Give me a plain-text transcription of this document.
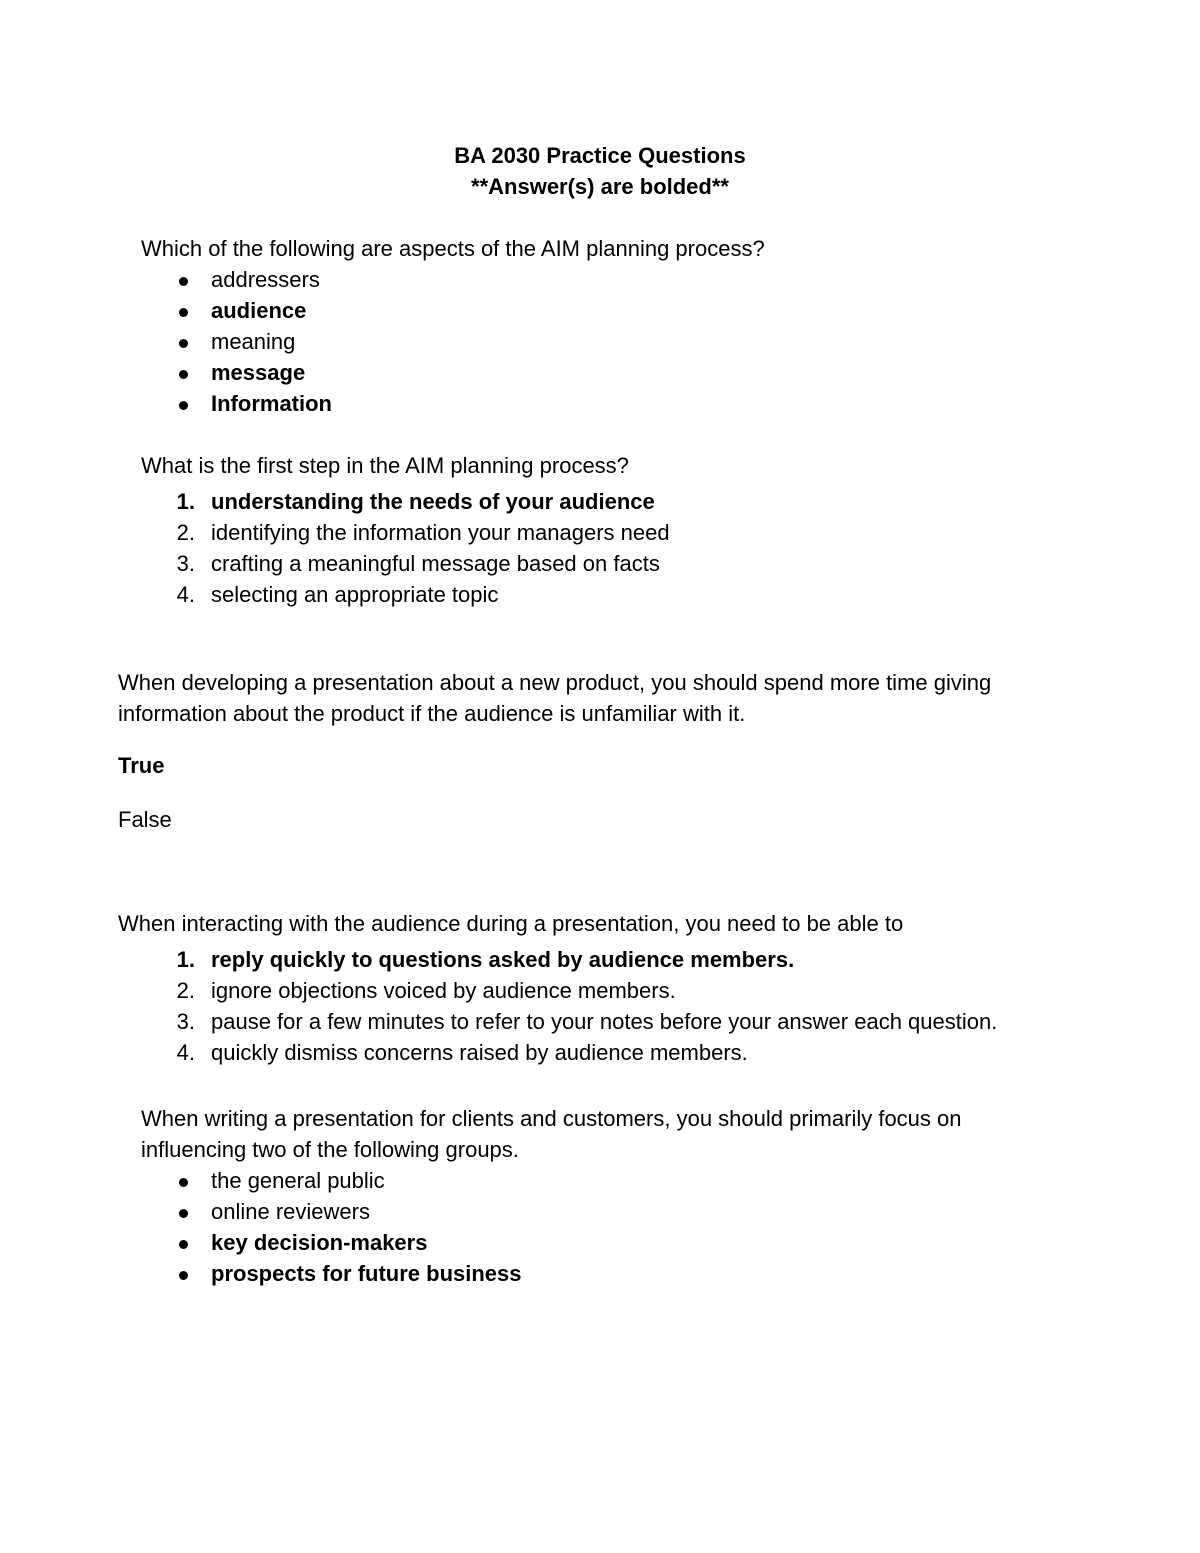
BA 2030 Practice Questions
**Answer(s) are bolded**
Which of the following are aspects of the AIM planning process?
addressers
audience
meaning
message
Information
What is the first step in the AIM planning process?
1. understanding the needs of your audience
2. identifying the information your managers need
3. crafting a meaningful message based on facts
4. selecting an appropriate topic
When developing a presentation about a new product, you should spend more time giving
information about the product if the audience is unfamiliar with it.
True
False
When interacting with the audience during a presentation, you need to be able to
1. reply quickly to questions asked by audience members.
2. ignore objections voiced by audience members.
3. pause for a few minutes to refer to your notes before your answer each question.
4. quickly dismiss concerns raised by audience members.
When writing a presentation for clients and customers, you should primarily focus on
influencing two of the following groups.
the general public
online reviewers
key decision-makers
prospects for future business
